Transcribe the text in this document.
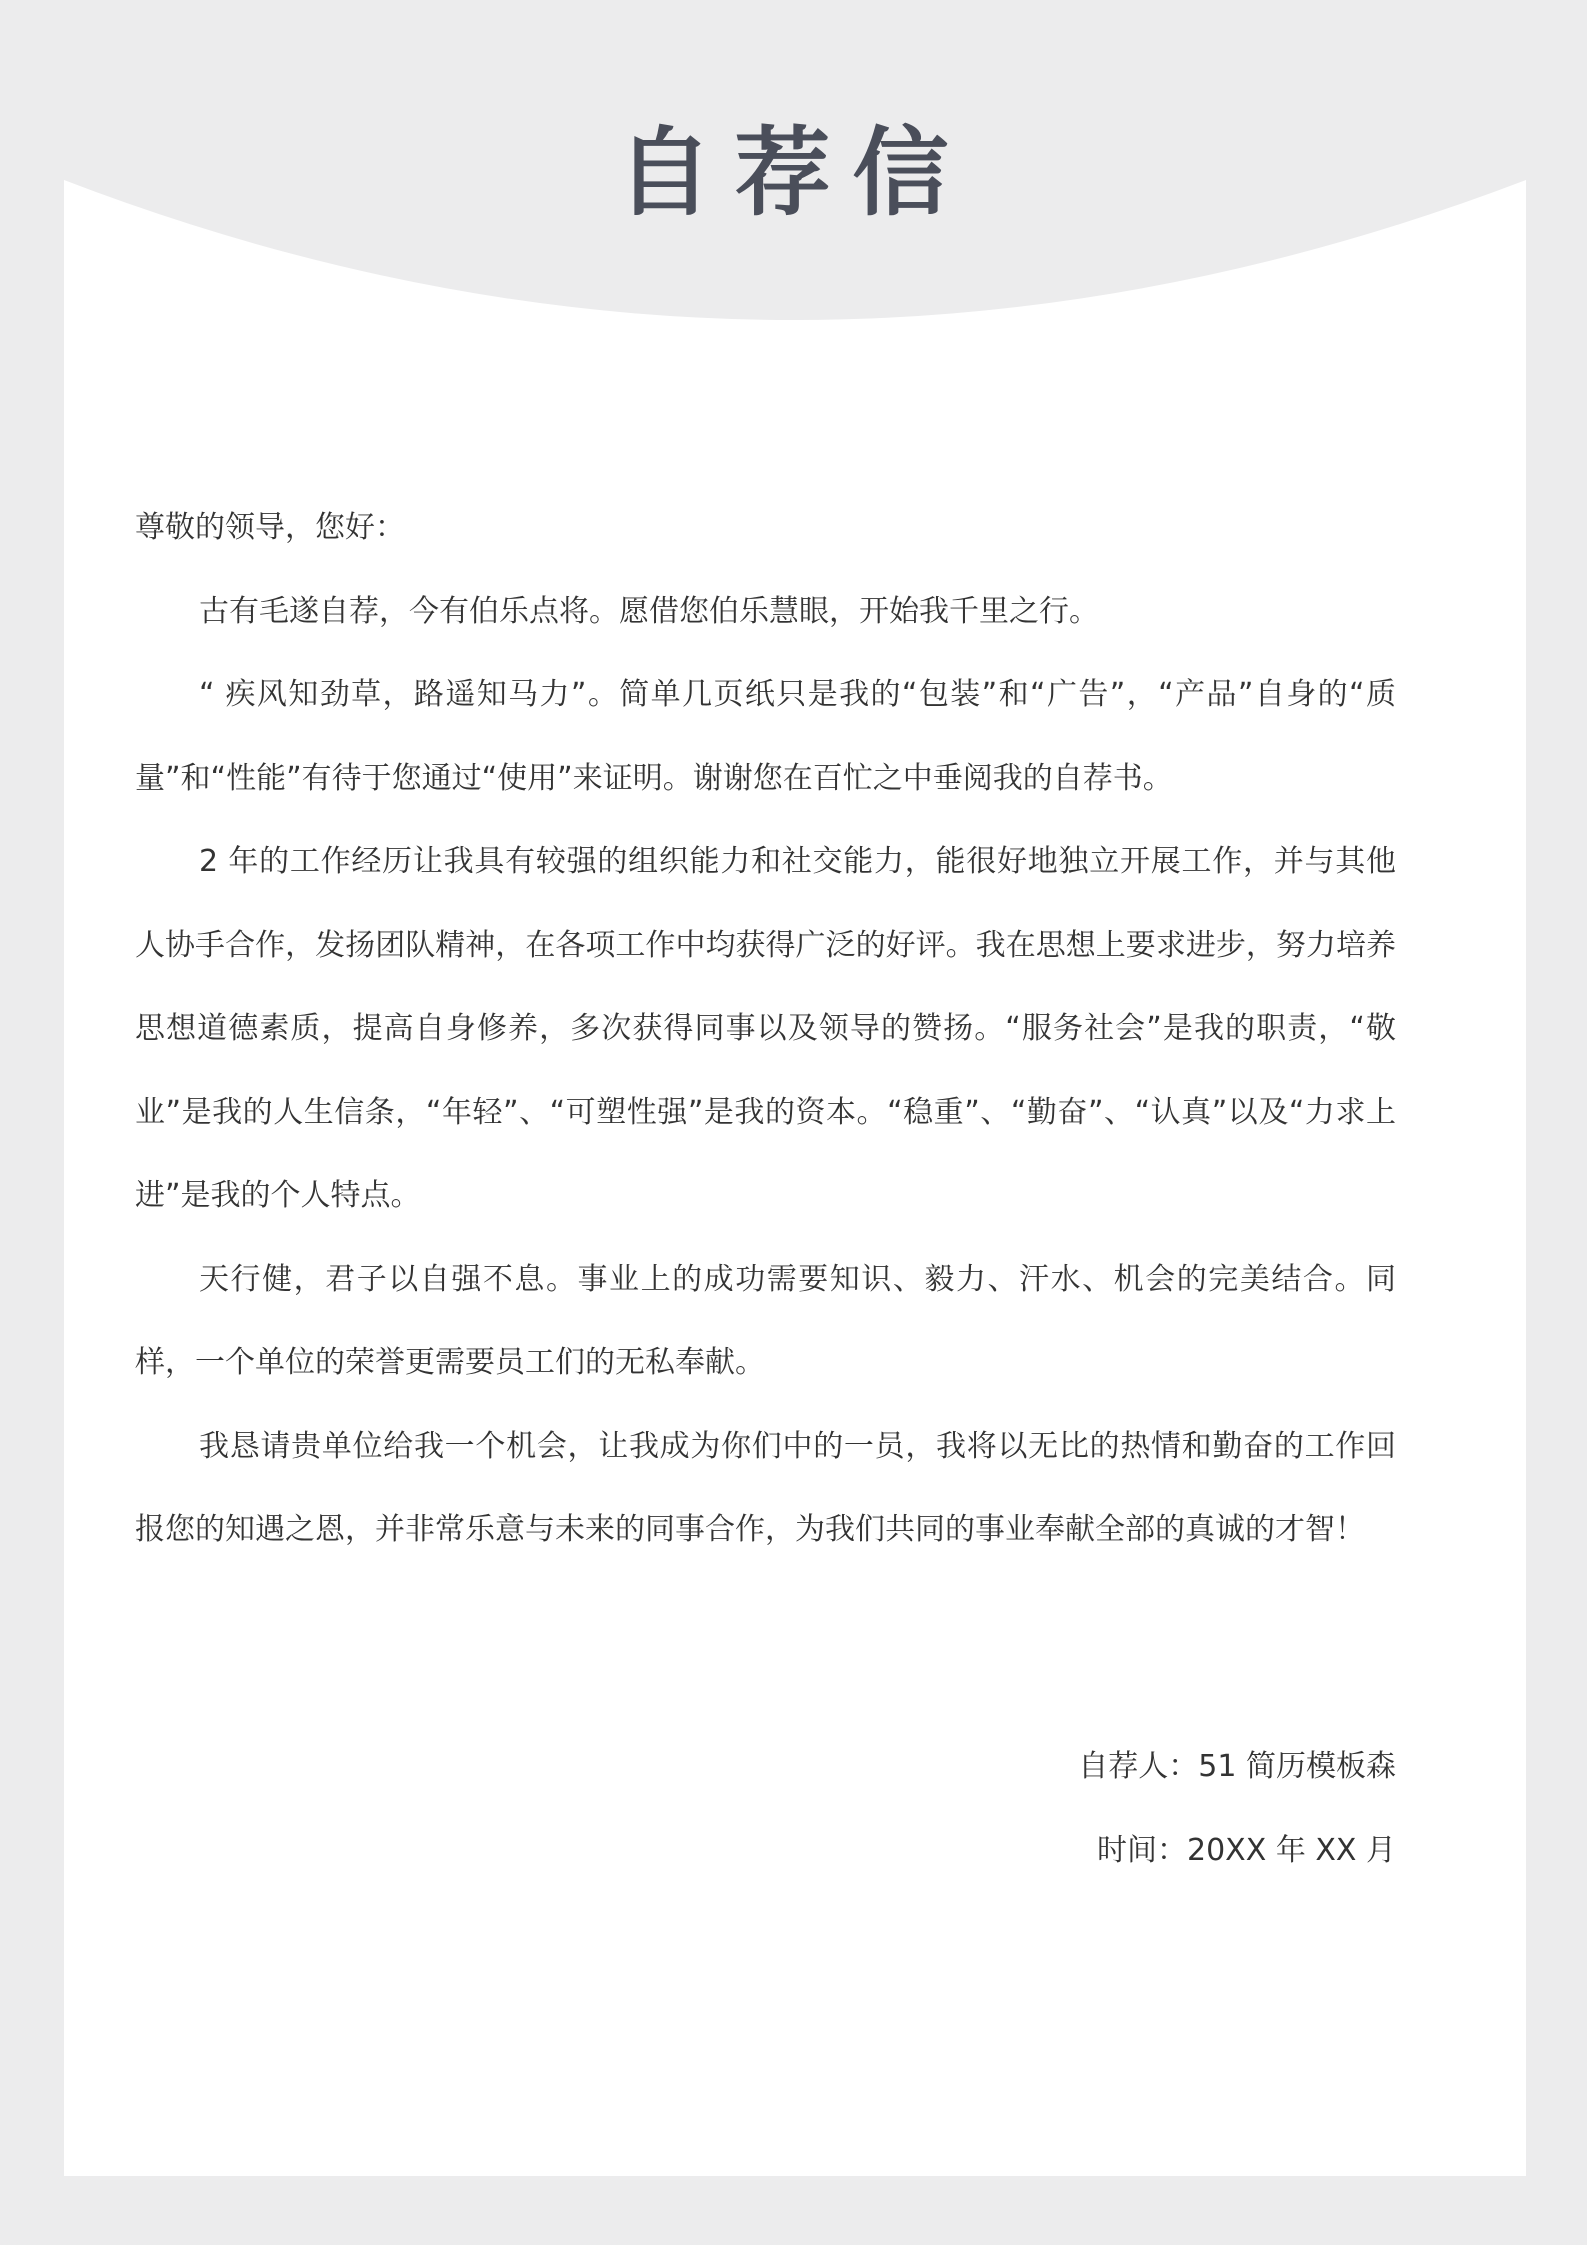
自荐信

尊敬的领导，您好：

古有毛遂自荐，今有伯乐点将。愿借您伯乐慧眼，开始我千里之行。

“ 疾风知劲草，路遥知马力”。简单几页纸只是我的“包装”和“广告”，“产品”自身的“质量”和“性能”有待于您通过“使用”来证明。谢谢您在百忙之中垂阅我的自荐书。

2 年的工作经历让我具有较强的组织能力和社交能力，能很好地独立开展工作，并与其他人协手合作，发扬团队精神，在各项工作中均获得广泛的好评。我在思想上要求进步，努力培养思想道德素质，提高自身修养，多次获得同事以及领导的赞扬。“服务社会”是我的职责，“敬业”是我的人生信条，“年轻”、“可塑性强”是我的资本。“稳重”、“勤奋”、“认真”以及“力求上进”是我的个人特点。

天行健，君子以自强不息。事业上的成功需要知识、毅力、汗水、机会的完美结合。同样，一个单位的荣誉更需要员工们的无私奉献。

我恳请贵单位给我一个机会，让我成为你们中的一员，我将以无比的热情和勤奋的工作回报您的知遇之恩，并非常乐意与未来的同事合作，为我们共同的事业奉献全部的真诚的才智！

自荐人：51 简历模板森

时间：20XX 年 XX 月
